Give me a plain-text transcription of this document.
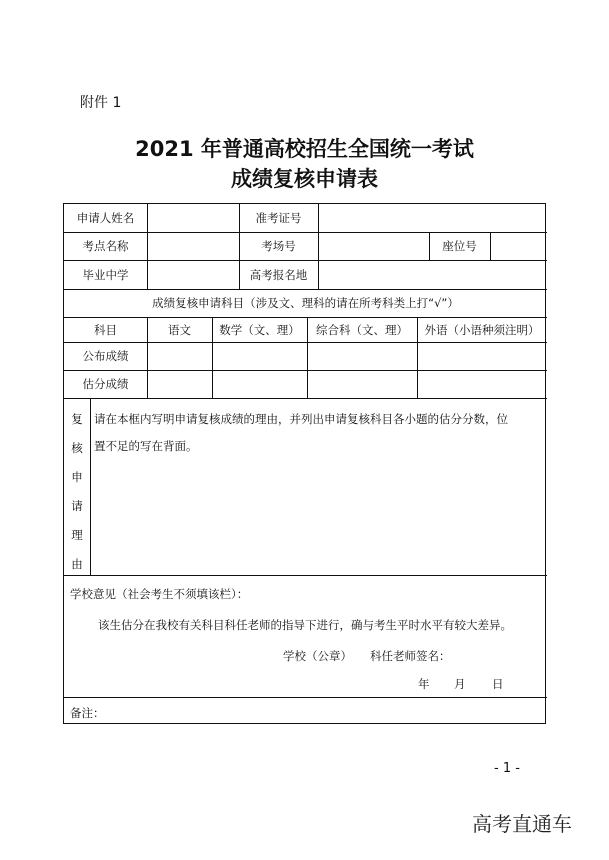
附件 1
2021 年普通高校招生全国统一考试
成绩复核申请表
申请人姓名	准考证号
考点名称	考场号	座位号
毕业中学	高考报名地
成绩复核申请科目（涉及文、理科的请在所考科类上打“√”）
科目	语文	数学（文、理）	综合科（文、理）	外语（小语种须注明）
公布成绩
估分成绩
复
核
申
请
理
由
请在本框内写明申请复核成绩的理由，并列出申请复核科目各小题的估分分数，位
置不足的写在背面。
学校意见（社会考生不须填该栏）：
该生估分在我校有关科目科任老师的指导下进行，确与考生平时水平有较大差异。
学校（公章） 科任老师签名：
年 月 日
备注：
- 1 -
高考直通车
